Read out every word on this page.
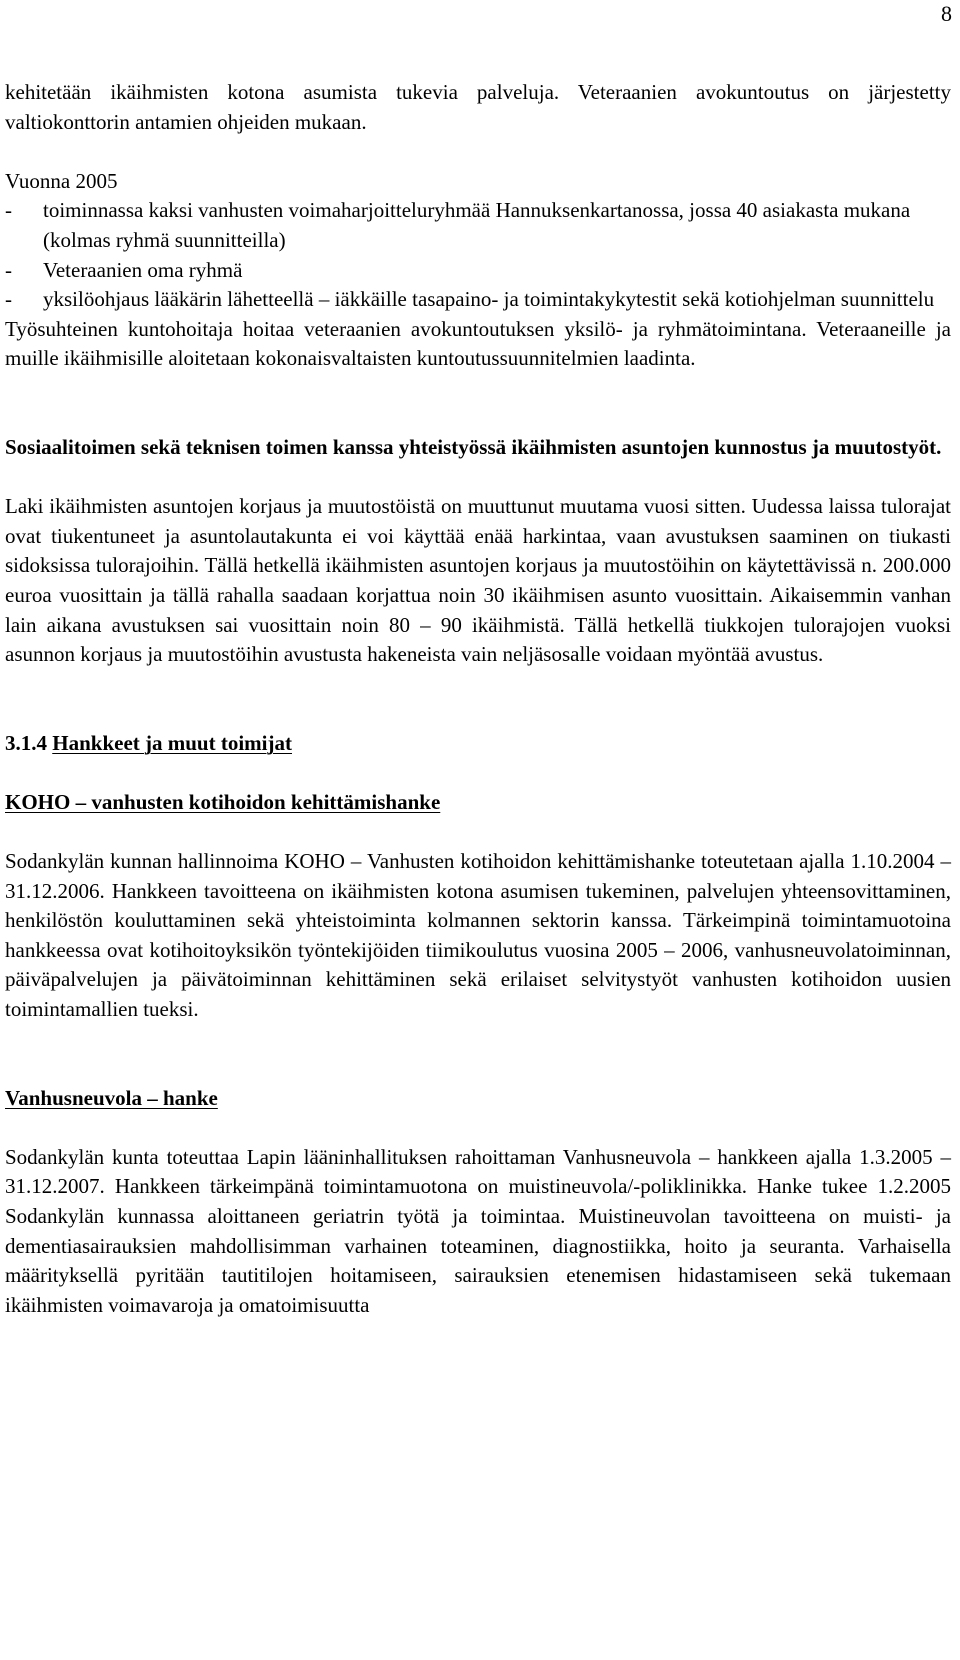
8

kehitetään ikäihmisten kotona asumista tukevia palveluja. Veteraanien avokuntoutus on järjestetty valtiokonttorin antamien ohjeiden mukaan.

Vuonna 2005
-	toiminnassa kaksi vanhusten voimaharjoitteluryhmää Hannuksenkartanossa, jossa 40 asiakasta mukana (kolmas ryhmä suunnitteilla)
-	Veteraanien oma ryhmä
-	yksilöohjaus lääkärin lähetteellä – iäkkäille tasapaino- ja toimintakykytestit sekä kotiohjelman suunnittelu

Työsuhteinen kuntohoitaja hoitaa veteraanien avokuntoutuksen yksilö- ja ryhmätoimintana. Veteraaneille ja muille ikäihmisille aloitetaan kokonaisvaltaisten kuntoutussuunnitelmien laadinta.

Sosiaalitoimen sekä teknisen toimen kanssa yhteistyössä ikäihmisten asuntojen kunnostus ja muutostyöt.

Laki ikäihmisten asuntojen korjaus ja muutostöistä on muuttunut muutama vuosi sitten. Uudessa laissa tulorajat ovat tiukentuneet ja asuntolautakunta ei voi käyttää enää harkintaa, vaan avustuksen saaminen on tiukasti sidoksissa tulorajoihin. Tällä hetkellä ikäihmisten asuntojen korjaus ja muutostöihin on käytettävissä n. 200.000 euroa vuosittain ja tällä rahalla saadaan korjattua noin 30 ikäihmisen asunto vuosittain. Aikaisemmin vanhan lain aikana avustuksen sai vuosittain noin 80 – 90 ikäihmistä. Tällä hetkellä tiukkojen tulorajojen vuoksi asunnon korjaus ja muutostöihin avustusta hakeneista vain neljäsosalle voidaan myöntää avustus.

3.1.4 Hankkeet ja muut toimijat
KOHO – vanhusten kotihoidon kehittämishanke

Sodankylän kunnan hallinnoima KOHO – Vanhusten kotihoidon kehittämishanke toteutetaan ajalla 1.10.2004 – 31.12.2006. Hankkeen tavoitteena on ikäihmisten kotona asumisen tukeminen, palvelujen yhteensovittaminen, henkilöstön kouluttaminen sekä yhteistoiminta kolmannen sektorin kanssa. Tärkeimpinä toimintamuotoina hankkeessa ovat kotihoitoyksikön työntekijöiden tiimikoulutus vuosina 2005 – 2006, vanhusneuvolatoiminnan, päiväpalvelujen ja päivätoiminnan kehittäminen sekä erilaiset selvitystyöt vanhusten kotihoidon uusien toimintamallien tueksi.

Vanhusneuvola – hanke

Sodankylän kunta toteuttaa Lapin lääninhallituksen rahoittaman Vanhusneuvola – hankkeen ajalla 1.3.2005 – 31.12.2007. Hankkeen tärkeimpänä toimintamuotona on muistineuvola/-poliklinikka. Hanke tukee 1.2.2005 Sodankylän kunnassa aloittaneen geriatrin työtä ja toimintaa. Muistineuvolan tavoitteena on muisti- ja dementiasairauksien mahdollisimman varhainen toteaminen, diagnostiikka, hoito ja seuranta. Varhaisella määrityksellä pyritään tautitilojen hoitamiseen, sairauksien etenemisen hidastamiseen sekä tukemaan ikäihmisten voimavaroja ja omatoimisuutta
